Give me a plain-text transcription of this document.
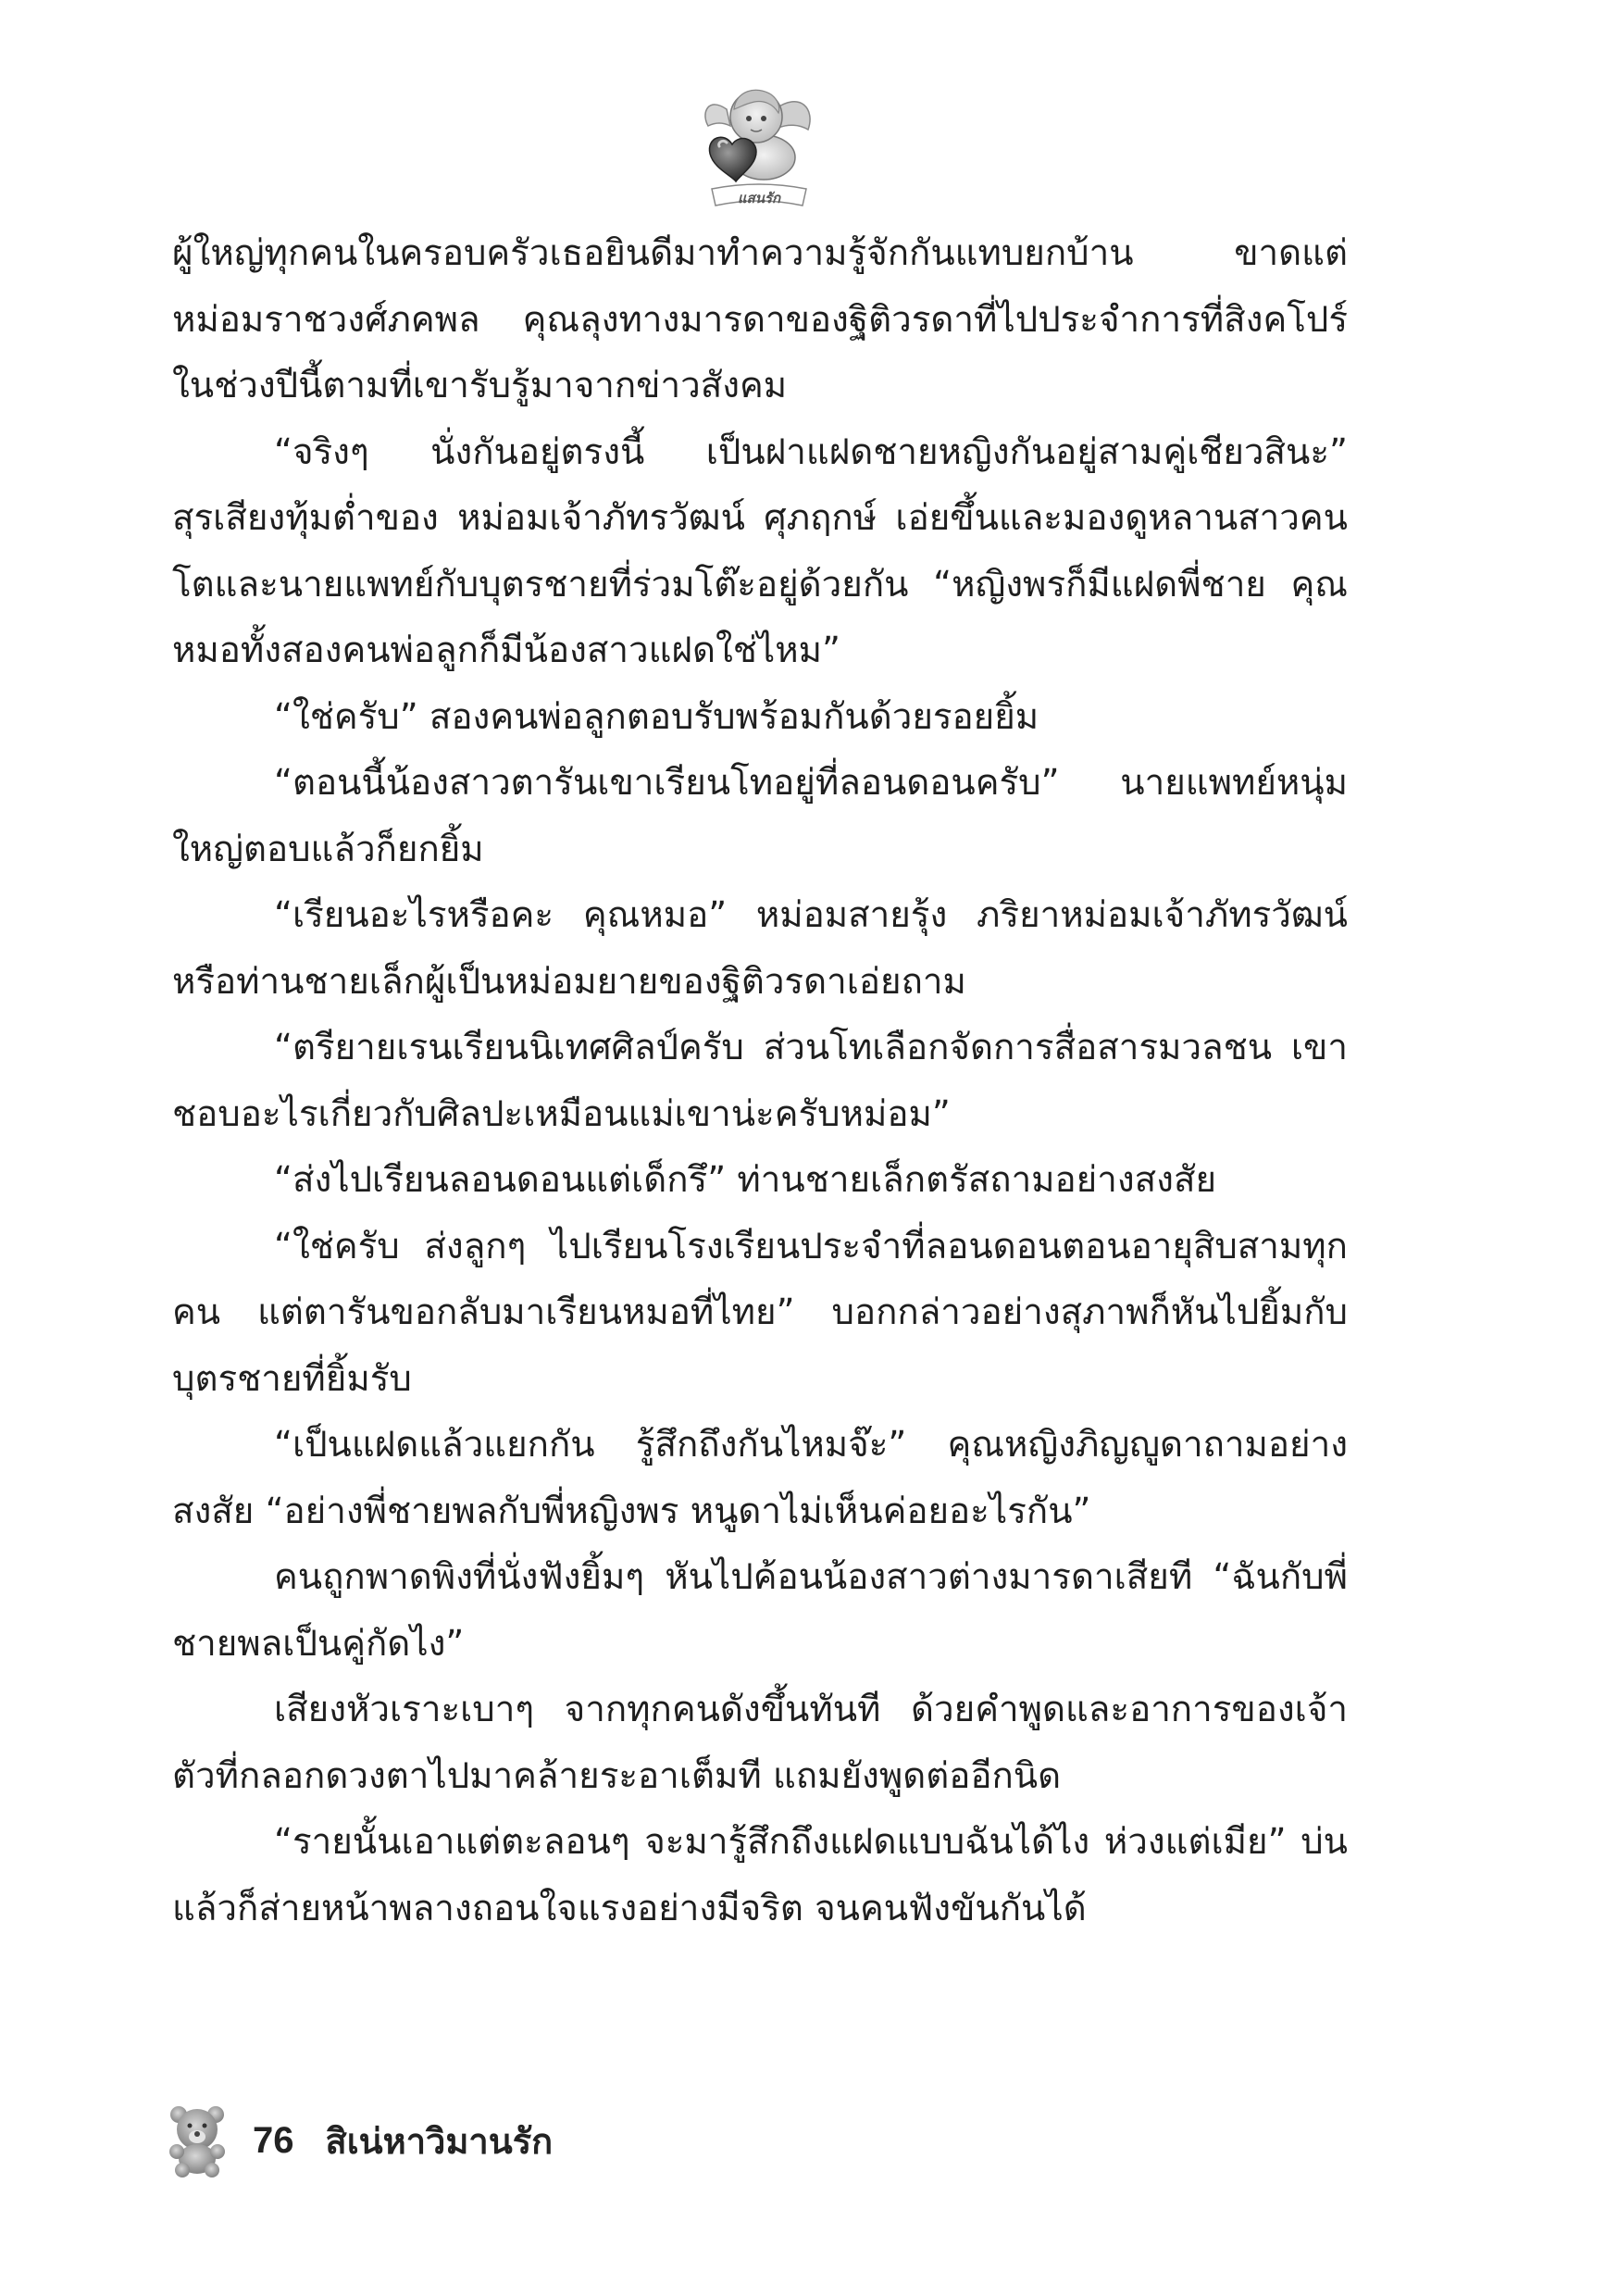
แสนรัก

ผู้ใหญ่ทุกคนในครอบครัวเธอยินดีมาทำความรู้จักกันแทบยกบ้าน ขาดแต่หม่อมราชวงศ์ภคพล คุณลุงทางมารดาของฐิติวรดาที่ไปประจำการที่สิงคโปร์ในช่วงปีนี้ตามที่เขารับรู้มาจากข่าวสังคม

“จริงๆ นั่งกันอยู่ตรงนี้ เป็นฝาแฝดชายหญิงกันอยู่สามคู่เชียวสินะ” สุรเสียงทุ้มต่ำของ หม่อมเจ้าภัทรวัฒน์ ศุภฤกษ์ เอ่ยขึ้นและมองดูหลานสาวคนโตและนายแพทย์กับบุตรชายที่ร่วมโต๊ะอยู่ด้วยกัน “หญิงพรก็มีแฝดพี่ชาย คุณหมอทั้งสองคนพ่อลูกก็มีน้องสาวแฝดใช่ไหม”

“ใช่ครับ” สองคนพ่อลูกตอบรับพร้อมกันด้วยรอยยิ้ม

“ตอนนี้น้องสาวตารันเขาเรียนโทอยู่ที่ลอนดอนครับ” นายแพทย์หนุ่มใหญ่ตอบแล้วก็ยกยิ้ม

“เรียนอะไรหรือคะ คุณหมอ” หม่อมสายรุ้ง ภริยาหม่อมเจ้าภัทรวัฒน์หรือท่านชายเล็กผู้เป็นหม่อมยายของฐิติวรดาเอ่ยถาม

“ตรียายเรนเรียนนิเทศศิลป์ครับ ส่วนโทเลือกจัดการสื่อสารมวลชน เขาชอบอะไรเกี่ยวกับศิลปะเหมือนแม่เขาน่ะครับหม่อม”

“ส่งไปเรียนลอนดอนแต่เด็กรึ” ท่านชายเล็กตรัสถามอย่างสงสัย

“ใช่ครับ ส่งลูกๆ ไปเรียนโรงเรียนประจำที่ลอนดอนตอนอายุสิบสามทุกคน แต่ตารันขอกลับมาเรียนหมอที่ไทย” บอกกล่าวอย่างสุภาพก็หันไปยิ้มกับบุตรชายที่ยิ้มรับ

“เป็นแฝดแล้วแยกกัน รู้สึกถึงกันไหมจ๊ะ” คุณหญิงภิญญูดาถามอย่างสงสัย “อย่างพี่ชายพลกับพี่หญิงพร หนูดาไม่เห็นค่อยอะไรกัน”

คนถูกพาดพิงที่นั่งฟังยิ้มๆ หันไปค้อนน้องสาวต่างมารดาเสียที “ฉันกับพี่ชายพลเป็นคู่กัดไง”

เสียงหัวเราะเบาๆ จากทุกคนดังขึ้นทันที ด้วยคำพูดและอาการของเจ้าตัวที่กลอกดวงตาไปมาคล้ายระอาเต็มที แถมยังพูดต่ออีกนิด

“รายนั้นเอาแต่ตะลอนๆ จะมารู้สึกถึงแฝดแบบฉันได้ไง ห่วงแต่เมีย” บ่นแล้วก็ส่ายหน้าพลางถอนใจแรงอย่างมีจริต จนคนฟังขันกันได้

76 สิเน่หาวิมานรัก
